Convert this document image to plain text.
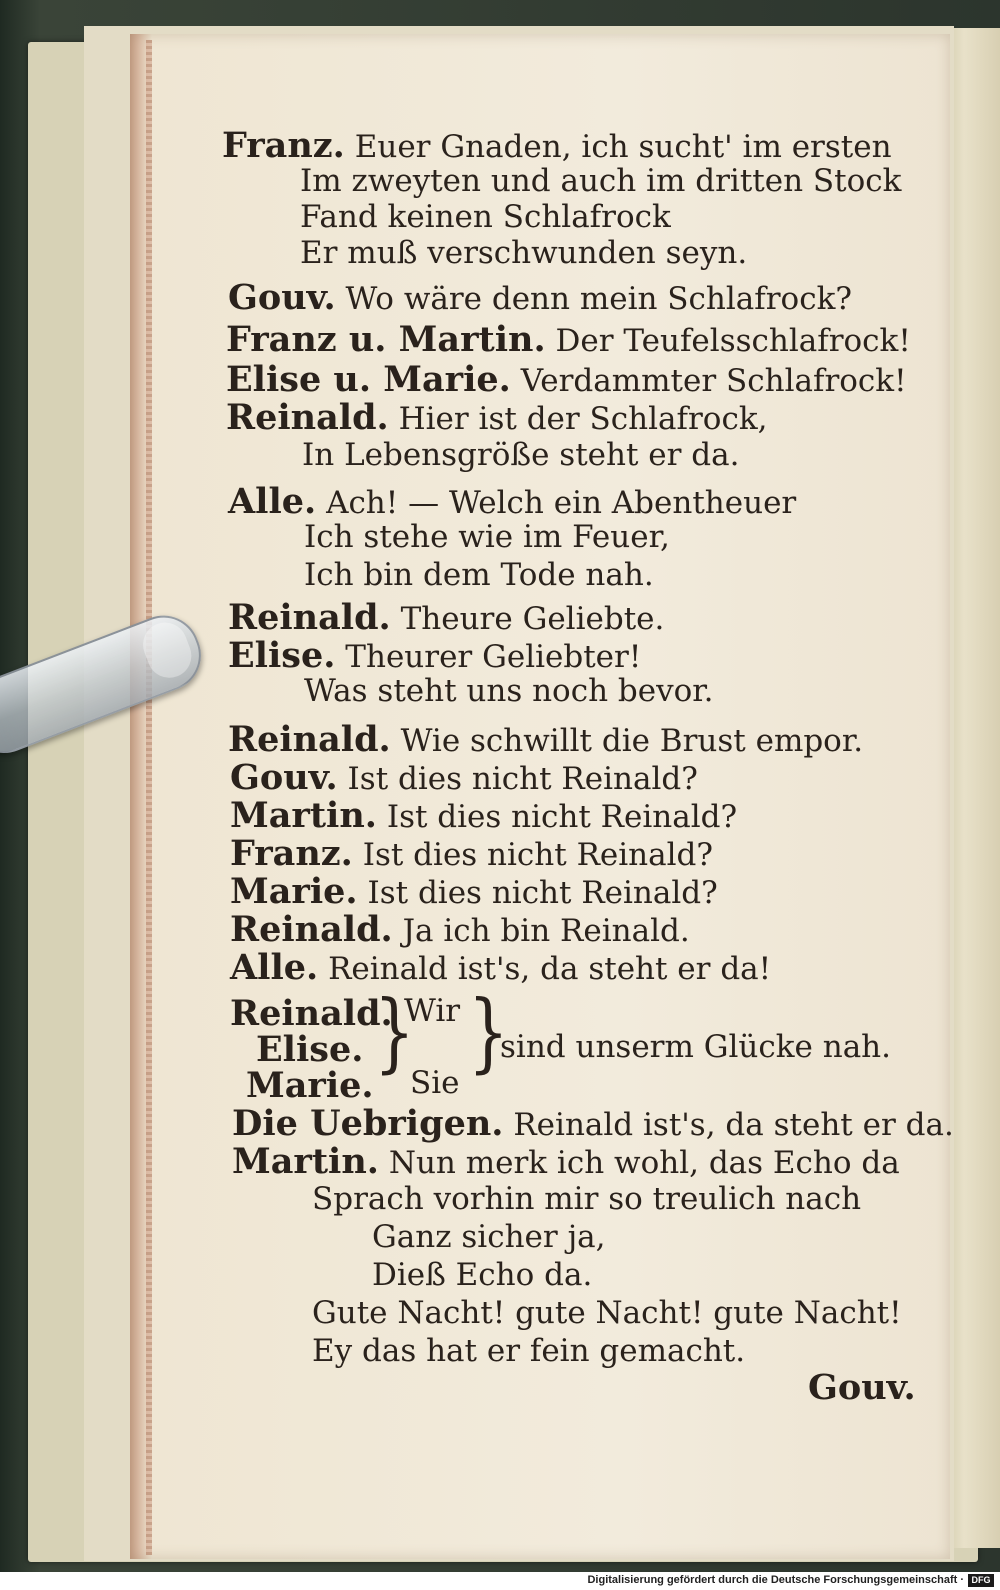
Franz. Euer Gnaden, ich sucht' im ersten
Im zweyten und auch im dritten Stock
Fand keinen Schlafrock
Er muß verschwunden seyn.
Gouv. Wo wäre denn mein Schlafrock?
Franz u. Martin. Der Teufelsschlafrock!
Elise u. Marie. Verdammter Schlafrock!
Reinald. Hier ist der Schlafrock,
In Lebensgröße steht er da.
Alle. Ach! — Welch ein Abentheuer
Ich stehe wie im Feuer,
Ich bin dem Tode nah.
Reinald. Theure Geliebte.
Elise. Theurer Geliebter!
Was steht uns noch bevor.
Reinald. Wie schwillt die Brust empor.
Gouv. Ist dies nicht Reinald?
Martin. Ist dies nicht Reinald?
Franz. Ist dies nicht Reinald?
Marie. Ist dies nicht Reinald?
Reinald. Ja ich bin Reinald.
Alle. Reinald ist's, da steht er da!
Reinald.
Elise.
Marie.
}
Wir
Sie }
sind unserm Glücke nah.
Die Uebrigen. Reinald ist's, da steht er da.
Martin. Nun merk ich wohl, das Echo da
Sprach vorhin mir so treulich nach
Ganz sicher ja,
Dieß Echo da.
Gute Nacht! gute Nacht! gute Nacht!
Ey das hat er fein gemacht.
Gouv.
Digitalisierung gefördert durch die Deutsche Forschungsgemeinschaft · DFG
